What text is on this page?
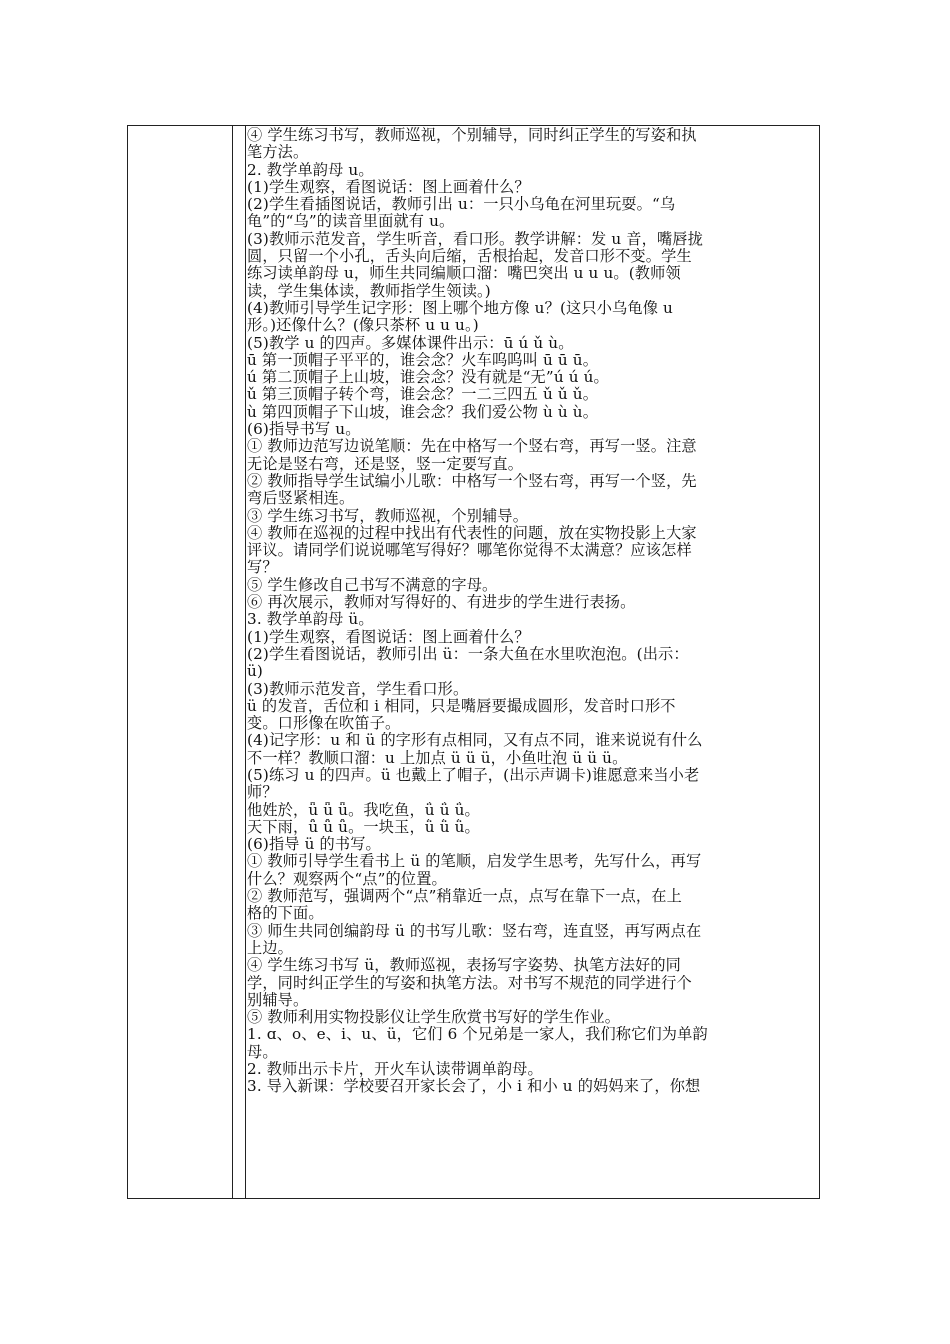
④ 学生练习书写，教师巡视，个别辅导，同时纠正学生的写姿和执
笔方法。
2. 教学单韵母 u。
(1)学生观察，看图说话：图上画着什么？
(2)学生看插图说话，教师引出 u：一只小乌龟在河里玩耍。“乌
龟”的“乌”的读音里面就有 u。
(3)教师示范发音，学生听音，看口形。教学讲解：发 u 音，嘴唇拢
圆，只留一个小孔，舌头向后缩，舌根抬起，发音口形不变。学生
练习读单韵母 u，师生共同编顺口溜：嘴巴突出 u u u。(教师领
读，学生集体读，教师指学生领读。)
(4)教师引导学生记字形：图上哪个地方像 u？(这只小乌龟像 u
形。)还像什么？(像只茶杯 u u u。)
(5)教学 u 的四声。多媒体课件出示：ū ú ǔ ù。
ū 第一顶帽子平平的，谁会念？火车呜呜叫 ū ū ū。
ú 第二顶帽子上山坡，谁会念？没有就是“无”ú ú ú。
ǔ 第三顶帽子转个弯，谁会念？一二三四五 ǔ ǔ ǔ。
ù 第四顶帽子下山坡，谁会念？我们爱公物 ù ù ù。
(6)指导书写 u。
① 教师边范写边说笔顺：先在中格写一个竖右弯，再写一竖。注意
无论是竖右弯，还是竖，竖一定要写直。
② 教师指导学生试编小儿歌：中格写一个竖右弯，再写一个竖，先
弯后竖紧相连。
③ 学生练习书写，教师巡视，个别辅导。
④ 教师在巡视的过程中找出有代表性的问题，放在实物投影上大家
评议。请同学们说说哪笔写得好？哪笔你觉得不太满意？应该怎样
写？
⑤ 学生修改自己书写不满意的字母。
⑥ 再次展示，教师对写得好的、有进步的学生进行表扬。
3. 教学单韵母 ü。
(1)学生观察，看图说话：图上画着什么？
(2)学生看图说话，教师引出 ü：一条大鱼在水里吹泡泡。(出示：
ü)
(3)教师示范发音，学生看口形。
ü 的发音，舌位和 i 相同，只是嘴唇要撮成圆形，发音时口形不
变。口形像在吹笛子。
(4)记字形：u 和 ü 的字形有点相同，又有点不同，谁来说说有什么
不一样？教顺口溜：u 上加点 ü ü ü，小鱼吐泡 ü ü ü。
(5)练习 u 的四声。ü 也戴上了帽子，(出示声调卡)谁愿意来当小老
师？
他姓於，ǖ ǖ ǖ。我吃鱼，ǘ ǘ ǘ。
天下雨，ǚ ǚ ǚ。一块玉，ǜ ǜ ǜ。
(6)指导 ü 的书写。
① 教师引导学生看书上 ü 的笔顺，启发学生思考，先写什么，再写
什么？观察两个“点”的位置。
② 教师范写，强调两个“点”稍靠近一点，点写在靠下一点，在上
格的下面。
③ 师生共同创编韵母 ü 的书写儿歌：竖右弯，连直竖，再写两点在
上边。
④ 学生练习书写 ü，教师巡视，表扬写字姿势、执笔方法好的同
学，同时纠正学生的写姿和执笔方法。对书写不规范的同学进行个
别辅导。
⑤ 教师利用实物投影仪让学生欣赏书写好的学生作业。
1. ɑ、o、e、i、u、ü，它们 6 个兄弟是一家人，我们称它们为单韵
母。
2. 教师出示卡片，开火车认读带调单韵母。
3. 导入新课：学校要召开家长会了，小 i 和小 u 的妈妈来了，你想
